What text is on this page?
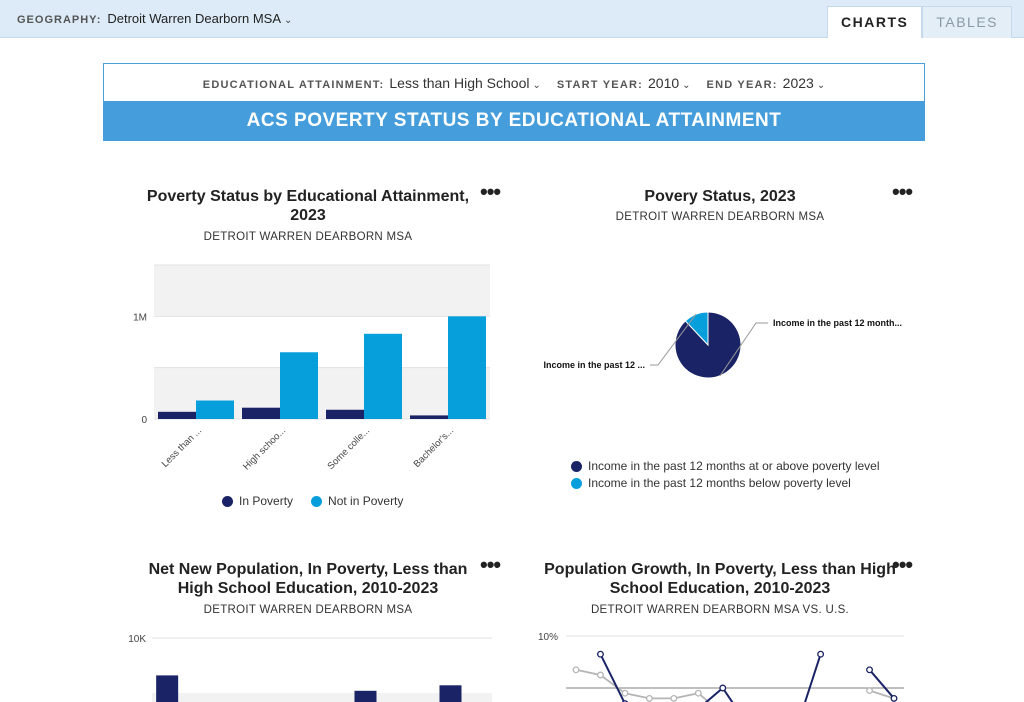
GEOGRAPHY: Detroit Warren Dearborn MSA ⌄	CHARTS	TABLES
EDUCATIONAL ATTAINMENT: Less than High School ⌄ START YEAR: 2010 ⌄ END YEAR: 2023 ⌄
ACS POVERTY STATUS BY EDUCATIONAL ATTAINMENT
Poverty Status by Educational Attainment,
2023
DETROIT WARREN DEARBORN MSA
•••
0
1M
Less than ...	High schoo...	Some colle...	Bachelor's...
In Poverty	Not in Poverty
Povery Status, 2023
DETROIT WARREN DEARBORN MSA
•••
Income in the past 12 month...
Income in the past 12 ...
Income in the past 12 months at or above poverty level
Income in the past 12 months below poverty level
Net New Population, In Poverty, Less than
High School Education, 2010-2023
DETROIT WARREN DEARBORN MSA
•••
10K
Population Growth, In Poverty, Less than High
School Education, 2010-2023
DETROIT WARREN DEARBORN MSA VS. U.S.
•••
10%
